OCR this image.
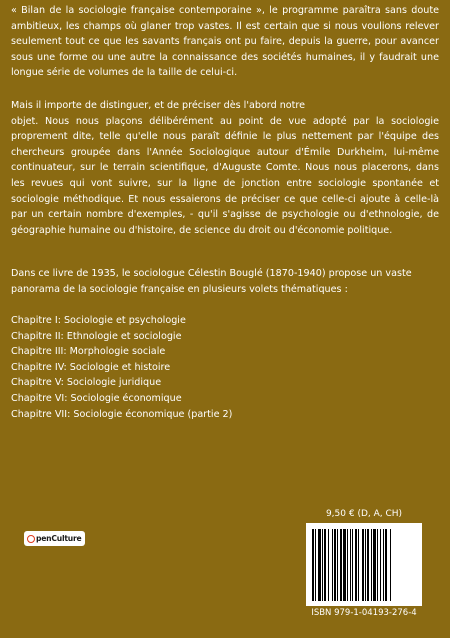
« Bilan de la sociologie française contemporaine », le programme paraîtra sans doute ambitieux, les champs où glaner trop vastes. Il est certain que si nous voulions relever seulement tout ce que les savants français ont pu faire, depuis la guerre, pour avancer sous une forme ou une autre la connaissance des sociétés humaines, il y faudrait une longue série de volumes de la taille de celui-ci.
Mais il importe de distinguer, et de préciser dès l'abord notre
objet. Nous nous plaçons délibérément au point de vue adopté par la sociologie proprement dite, telle qu'elle nous paraît définie le plus nettement par l'équipe des chercheurs groupée dans l'Année Sociologique autour d'Émile Durkheim, lui-même continuateur, sur le terrain scientifique, d'Auguste Comte. Nous nous placerons, dans les revues qui vont suivre, sur la ligne de jonction entre sociologie spontanée et sociologie méthodique. Et nous essaierons de préciser ce que celle-ci ajoute à celle-là par un certain nombre d'exemples, - qu'il s'agisse de psychologie ou d'ethnologie, de géographie humaine ou d'histoire, de science du droit ou d'économie politique.
Dans ce livre de 1935, le sociologue Célestin Bouglé (1870-1940) propose un vaste panorama de la sociologie française en plusieurs volets thématiques :
Chapitre I: Sociologie et psychologie
Chapitre II: Ethnologie et sociologie
Chapitre III: Morphologie sociale
Chapitre IV: Sociologie et histoire
Chapitre V: Sociologie juridique
Chapitre VI: Sociologie économique
Chapitre VII: Sociologie économique (partie 2)
penCulture
9,50 € (D, A, CH)
ISBN 979-1-04193-276-4
